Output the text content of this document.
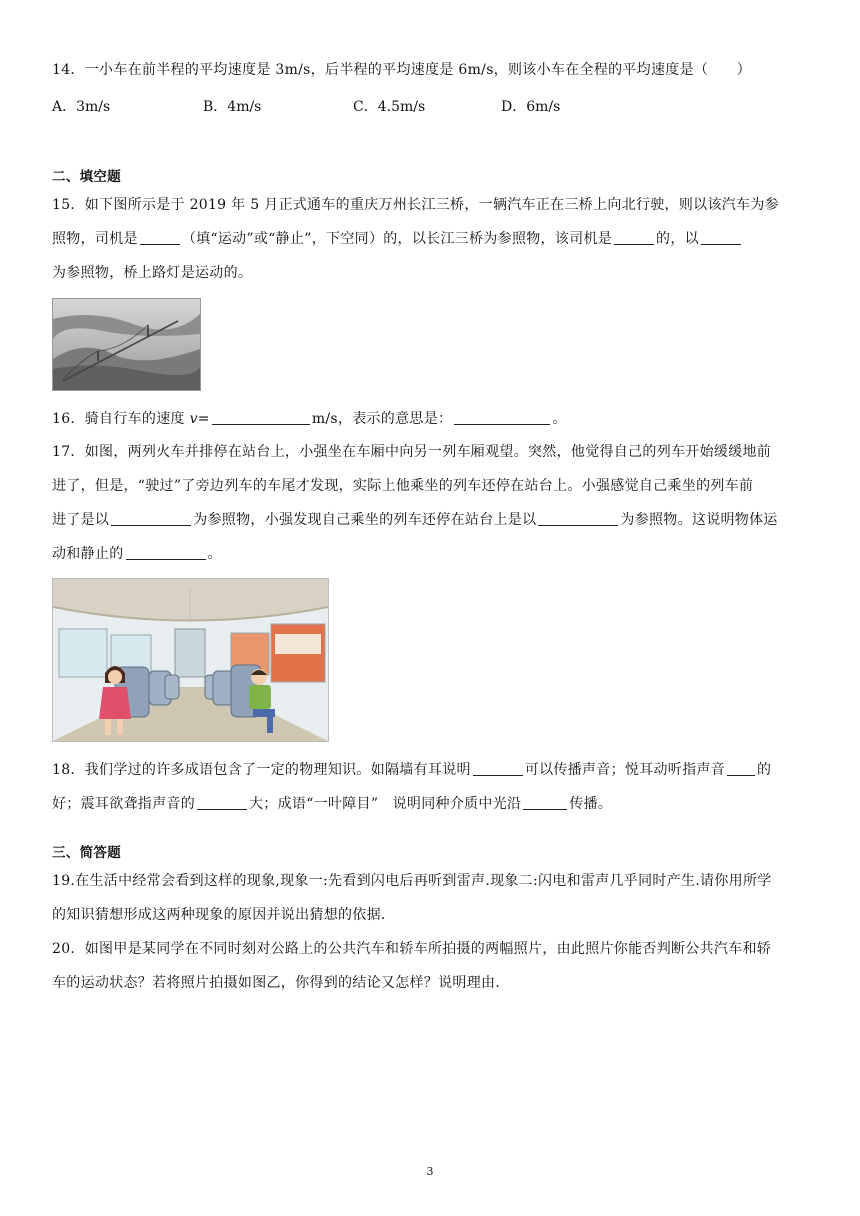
14．一小车在前半程的平均速度是 3m/s，后半程的平均速度是 6m/s，则该小车在全程的平均速度是（　　）
A．3m/s	B．4m/s	C．4.5m/s	D．6m/s
二、填空题
15．如下图所示是于 2019 年 5 月正式通车的重庆万州长江三桥，一辆汽车正在三桥上向北行驶，则以该汽车为参
照物，司机是	（填“运动”或“静止”，下空同）的，以长江三桥为参照物，该司机是	的，以
为参照物，桥上路灯是运动的。
16．骑自行车的速度 v=	m/s，表示的意思是：	。
17．如图，两列火车并排停在站台上，小强坐在车厢中向另一列车厢观望。突然，他觉得自己的列车开始缓缓地前
进了，但是，“驶过”了旁边列车的车尾才发现，实际上他乘坐的列车还停在站台上。小强感觉自己乘坐的列车前
进了是以	为参照物，小强发现自己乘坐的列车还停在站台上是以	为参照物。这说明物体运
动和静止的	。
18．我们学过的许多成语包含了一定的物理知识。如隔墙有耳说明	可以传播声音；悦耳动听指声音 的
好；震耳欲聋指声音的	大；成语“一叶障目”　说明同种介质中光沿	传播。
三、简答题
19.在生活中经常会看到这样的现象,现象一:先看到闪电后再听到雷声.现象二:闪电和雷声几乎同时产生.请你用所学
的知识猜想形成这两种现象的原因并说出猜想的依据.
20．如图甲是某同学在不同时刻对公路上的公共汽车和轿车所拍摄的两幅照片，由此照片你能否判断公共汽车和轿
车的运动状态？若将照片拍摄如图乙，你得到的结论又怎样？说明理由.
3
